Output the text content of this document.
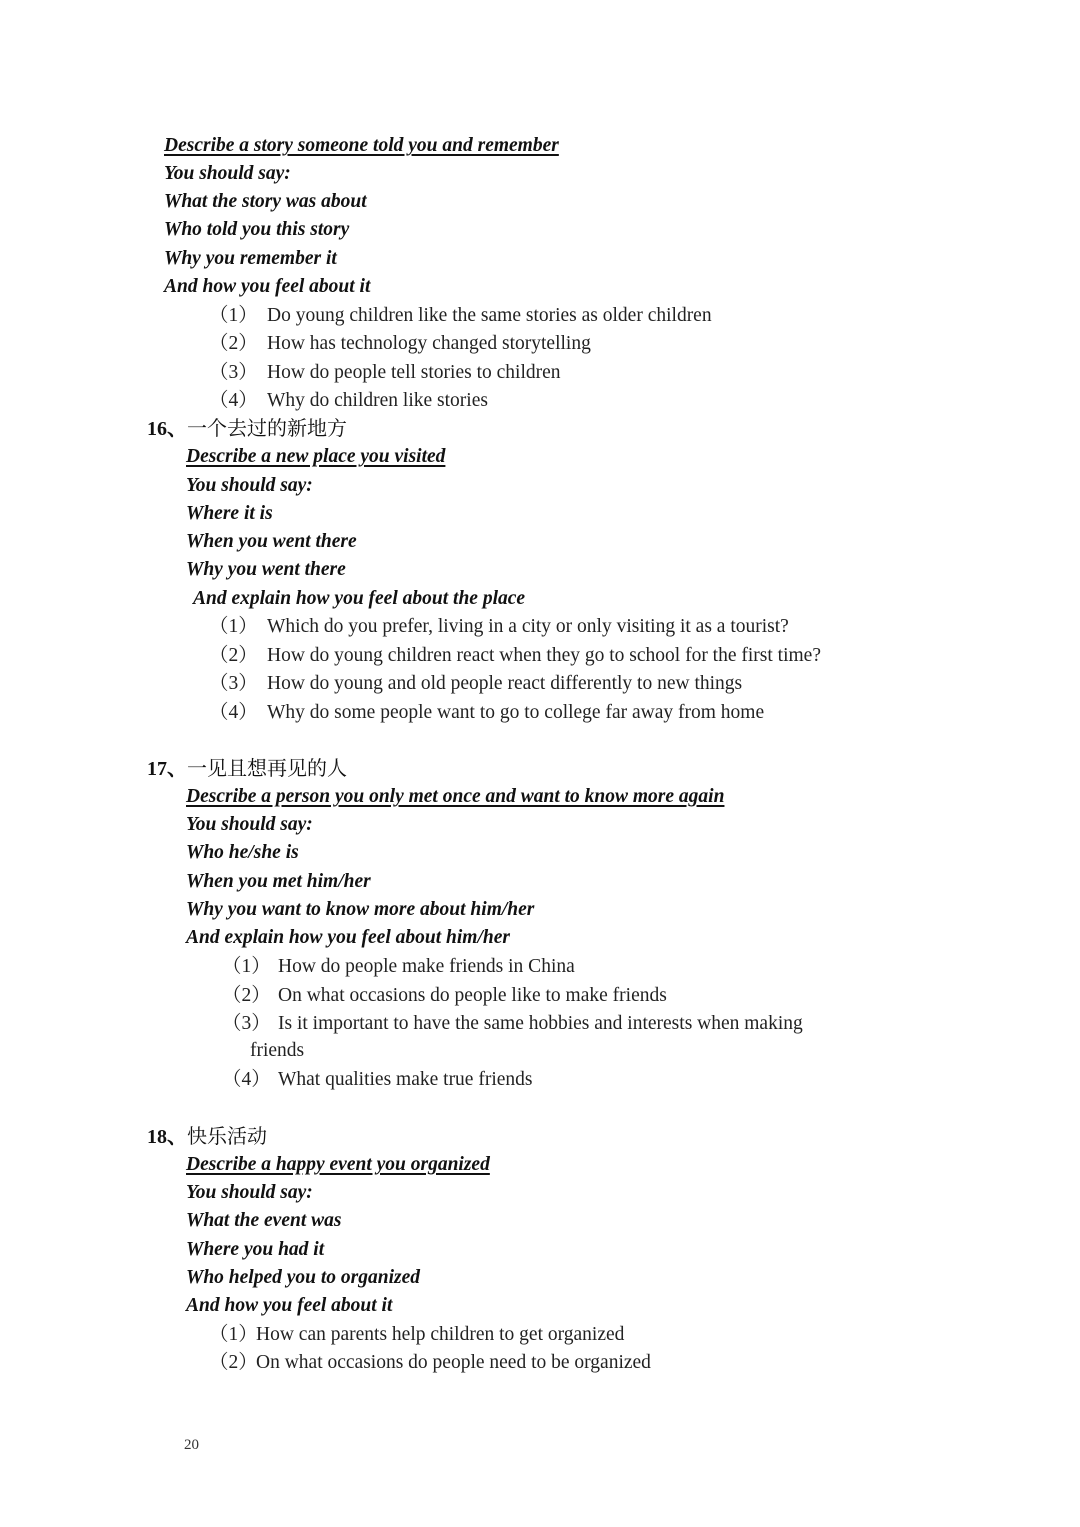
Describe a story someone told you and remember
You should say:
What the story was about
Who told you this story
Why you remember it
And how you feel about it
（1） Do young children like the same stories as older children
（2） How has technology changed storytelling
（3） How do people tell stories to children
（4） Why do children like stories
16、一个去过的新地方
Describe a new place you visited
You should say:
Where it is
When you went there
Why you went there
And explain how you feel about the place
（1） Which do you prefer, living in a city or only visiting it as a tourist?
（2） How do young children react when they go to school for the first time?
（3） How do young and old people react differently to new things
（4） Why do some people want to go to college far away from home
17、一见且想再见的人
Describe a person you only met once and want to know more again
You should say:
Who he/she is
When you met him/her
Why you want to know more about him/her
And explain how you feel about him/her
（1） How do people make friends in China
（2） On what occasions do people like to make friends
（3） Is it important to have the same hobbies and interests when making
friends
（4） What qualities make true friends
18、快乐活动
Describe a happy event you organized
You should say:
What the event was
Where you had it
Who helped you to organized
And how you feel about it
（1）How can parents help children to get organized
（2）On what occasions do people need to be organized
20
